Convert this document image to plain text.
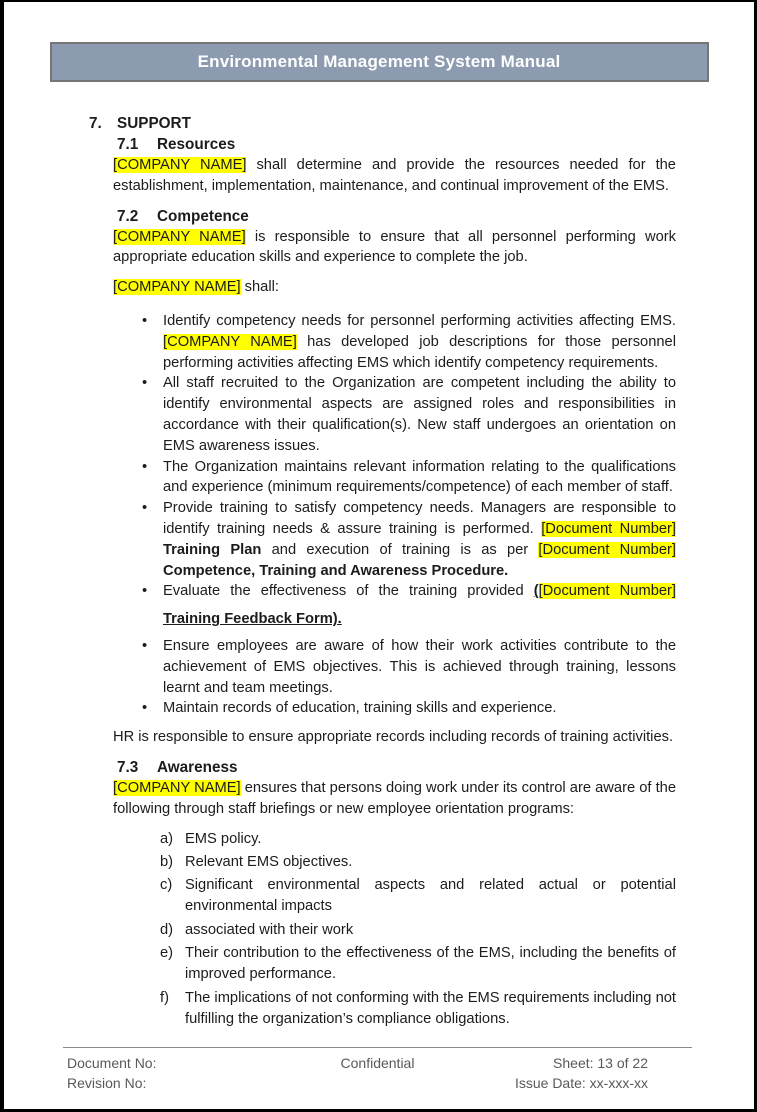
Environmental Management System Manual
7. SUPPORT
7.1 Resources

[COMPANY NAME] shall determine and provide the resources needed for the establishment, implementation, maintenance, and continual improvement of the EMS.

7.2 Competence

[COMPANY NAME] is responsible to ensure that all personnel performing work appropriate education skills and experience to complete the job.

[COMPANY NAME] shall:

•	Identify competency needs for personnel performing activities affecting EMS. [COMPANY NAME] has developed job descriptions for those personnel performing activities affecting EMS which identify competency requirements.
•	All staff recruited to the Organization are competent including the ability to identify environmental aspects are assigned roles and responsibilities in accordance with their qualification(s). New staff undergoes an orientation on EMS awareness issues.
•	The Organization maintains relevant information relating to the qualifications and experience (minimum requirements/competence) of each member of staff.
•	Provide training to satisfy competency needs. Managers are responsible to identify training needs & assure training is performed. [Document Number] Training Plan and execution of training is as per [Document Number] Competence, Training and Awareness Procedure.
•	Evaluate the effectiveness of the training provided ([Document Number]
Training Feedback Form).
•	Ensure employees are aware of how their work activities contribute to the achievement of EMS objectives. This is achieved through training, lessons learnt and team meetings.
•	Maintain records of education, training skills and experience.

HR is responsible to ensure appropriate records including records of training activities.

7.3 Awareness

[COMPANY NAME] ensures that persons doing work under its control are aware of the following through staff briefings or new employee orientation programs:

a) EMS policy.
b) Relevant EMS objectives.
c) Significant environmental aspects and related actual or potential environmental impacts
d) associated with their work
e) Their contribution to the effectiveness of the EMS, including the benefits of improved performance.
f)	The implications of not conforming with the EMS requirements including not fulfilling the organization’s compliance obligations.
Document No:	Confidential	Sheet: 13 of 22
Revision No:	Issue Date: xx-xxx-xx
